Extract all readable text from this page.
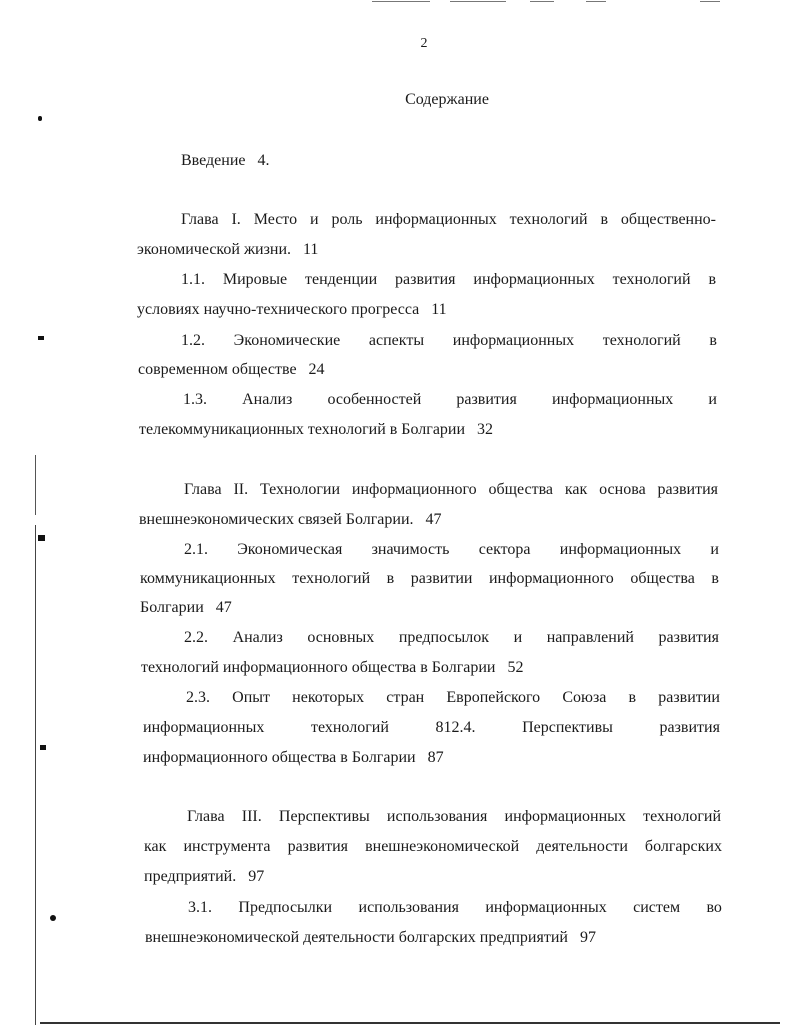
2
Содержание
Введение 4.
Глава I. Место и роль информационных технологий в общественно-
экономической жизни.   11
1.1. Мировые тенденции развития информационных технологий в
условиях научно-технического прогресса   11
1.2. Экономические аспекты информационных технологий в
современном обществе   24
1.3. Анализ особенностей развития информационных и
телекоммуникационных технологий в Болгарии   32
Глава II. Технологии информационного общества как основа развития
внешнеэкономических связей Болгарии.   47
2.1. Экономическая значимость сектора информационных и
коммуникационных технологий в развитии информационного общества в
Болгарии   47
2.2. Анализ основных предпосылок и направлений развития
технологий информационного общества в Болгарии   52
2.3. Опыт некоторых стран Европейского Союза в развитии
информационных	технологий	812.4.	Перспективы	развития
информационного общества в Болгарии   87
Глава III. Перспективы использования информационных технологий
как инструмента развития внешнеэкономической деятельности болгарских
предприятий.   97
3.1. Предпосылки использования информационных систем во
внешнеэкономической деятельности болгарских предприятий   97
